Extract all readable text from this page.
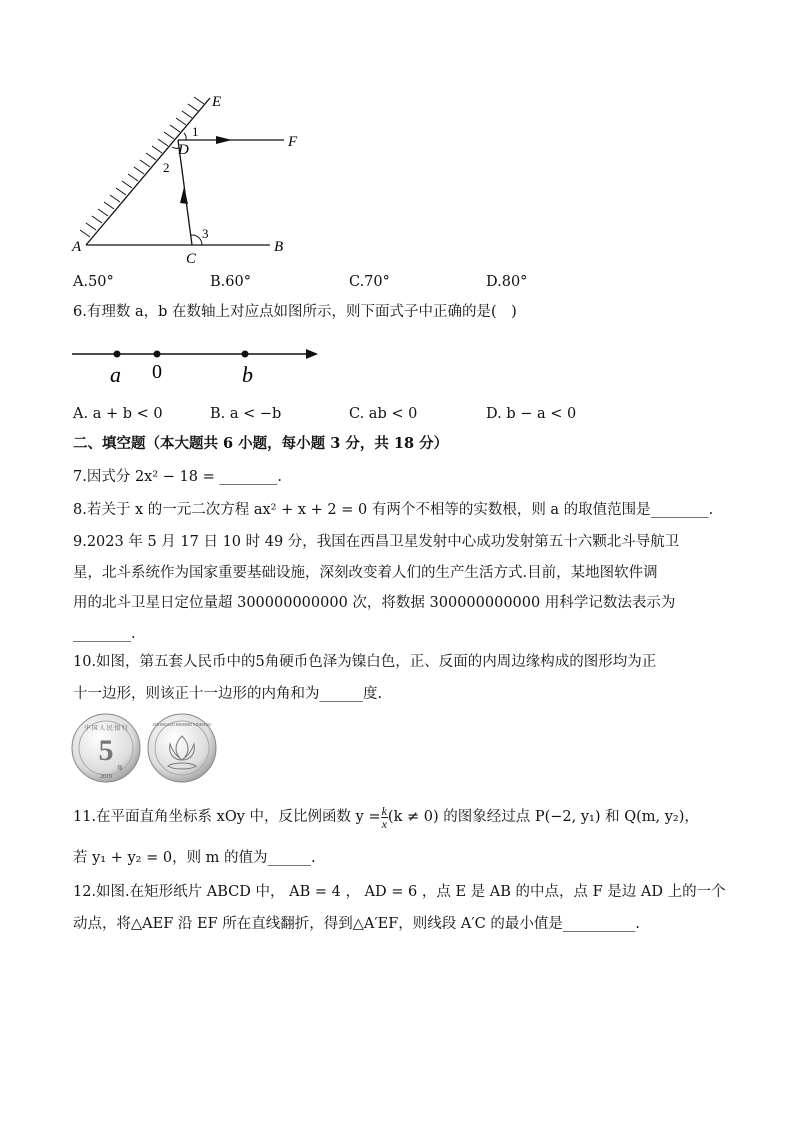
E
F
D
1
2
3
A	B
C
A.50°	B.60°	C.70°	D.80°
6.有理数 a，b 在数轴上对应点如图所示，则下面式子中正确的是(　)
a 0	b
A. a + b < 0	B. a < −b	C. ab < 0	D. b − a < 0
二、填空题（本大题共 6 小题，每小题 3 分，共 18 分）
7.因式分 2x² − 18 = ________.
8.若关于 x 的一元二次方程 ax² + x + 2 = 0 有两个不相等的实数根，则 a 的取值范围是________.
9.2023 年 5 月 17 日 10 时 49 分，我国在西昌卫星发射中心成功发射第五十六颗北斗导航卫
星，北斗系统作为国家重要基础设施，深刻改变着人们的生产生活方式.目前，某地图软件调
用的北斗卫星日定位量超 300000000000 次，将数据 300000000000 用科学记数法表示为
________.
10.如图，第五套人民币中的5角硬币色泽为镍白色，正、反面的内周边缘构成的图形均为正
十一边形，则该正十一边形的内角和为______度.
中 国 人 民 银 行
5
角
2019
ZHONGGUO RENMIN YINHANG
11.在平面直角坐标系 xOy 中，反比例函数 $y = \frac{k}{x} (k \ne 0)$ 的图象经过点 P(−2, y₁) 和 Q(m, y₂)，
若 y₁ + y₂ = 0，则 m 的值为______.
12.如图.在矩形纸片 ABCD 中， AB = 4 ， AD = 6 ，点 E 是 AB 的中点，点 F 是边 AD 上的一个
动点，将△AEF 沿 EF 所在直线翻折，得到△A′EF，则线段 A′C 的最小值是__________.
